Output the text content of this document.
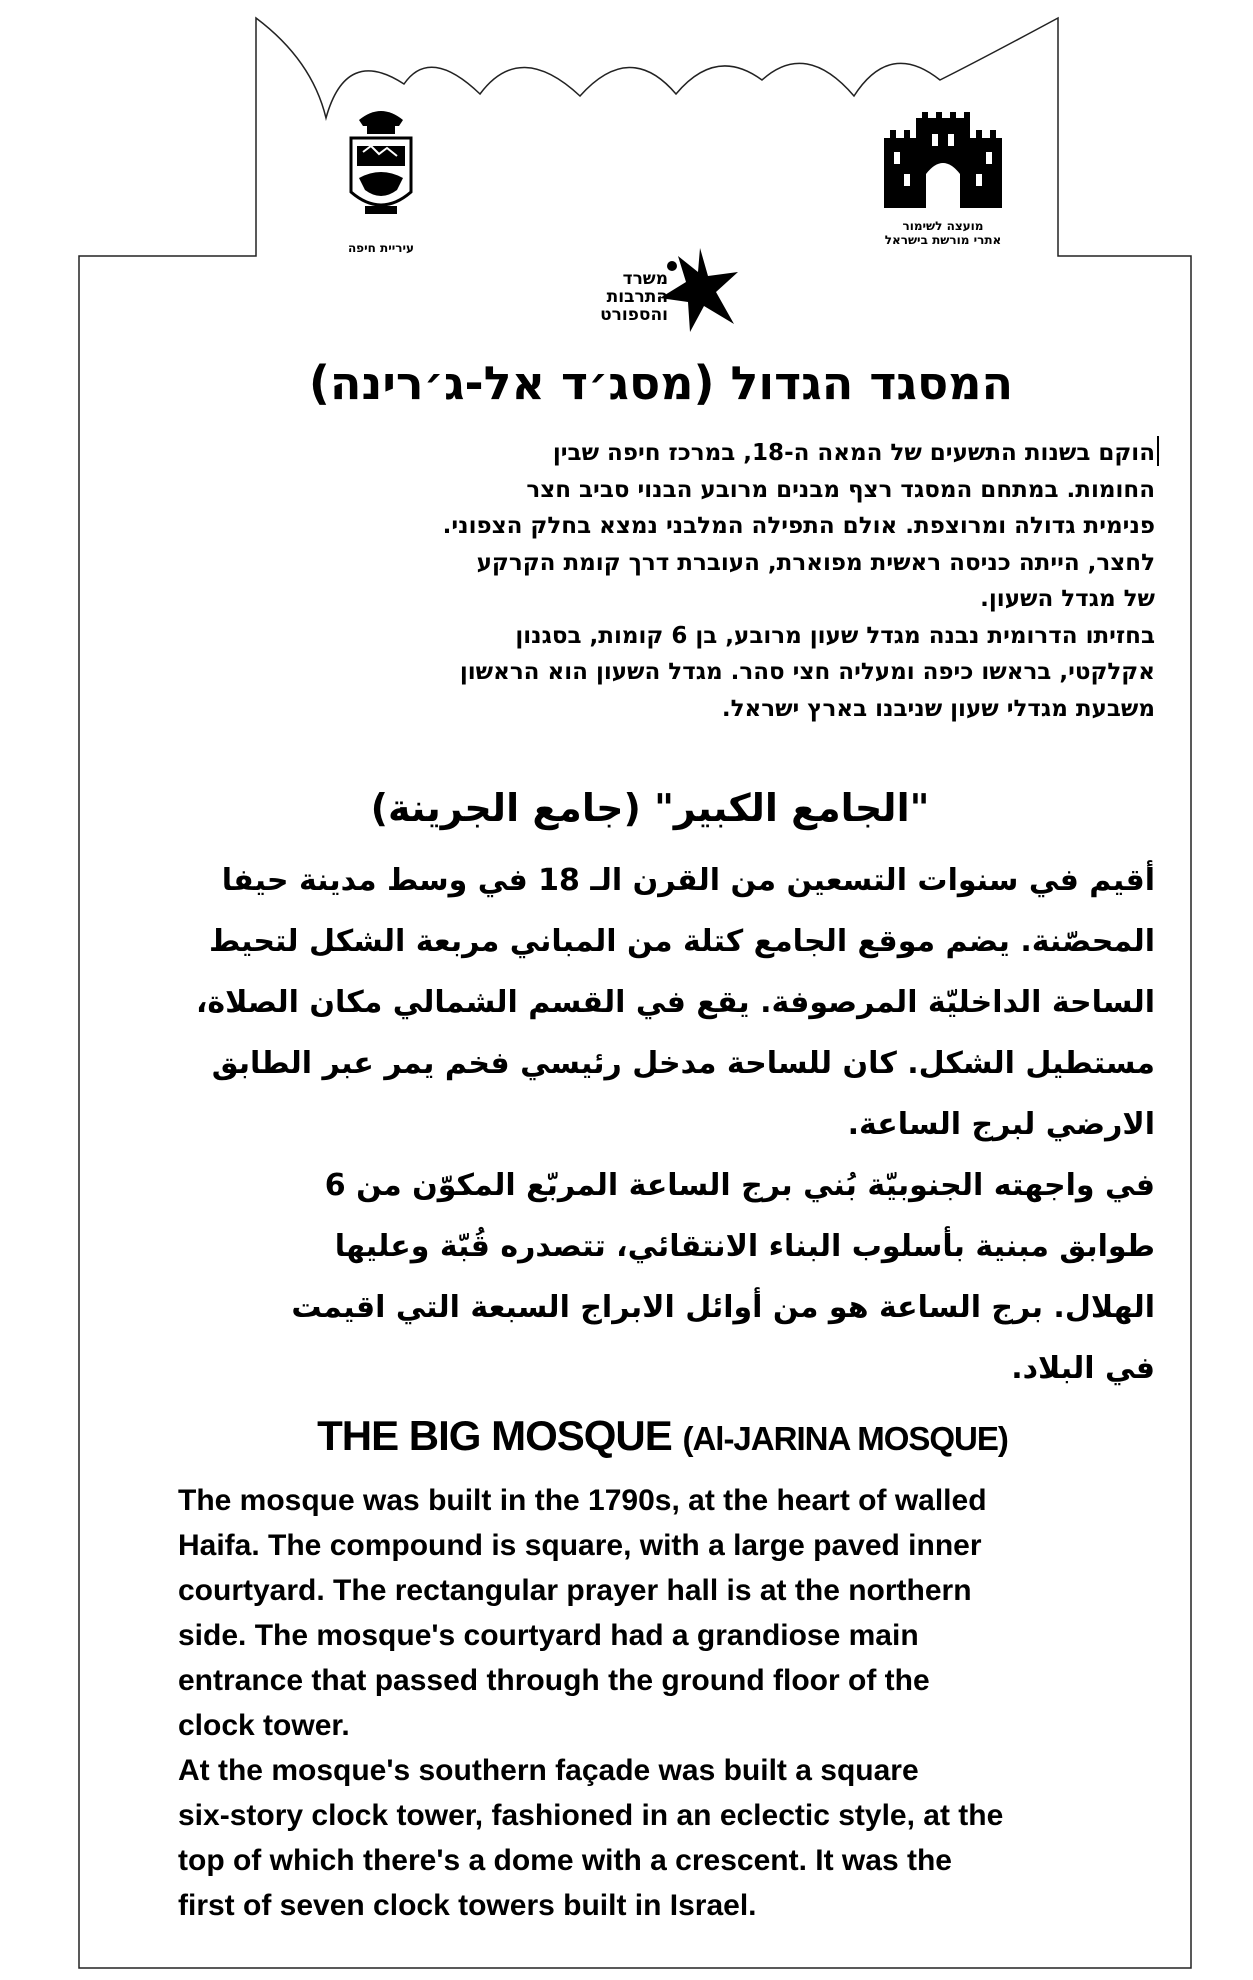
עיריית חיפה
מועצה לשימור
אתרי מורשת בישראל
משרד
התרבות
והספורט
המסגד הגדול (מסג׳ד אל-ג׳רינה)
הוקם בשנות התשעים של המאה ה-18, במרכז חיפה שבין
החומות. במתחם המסגד רצף מבנים מרובע הבנוי סביב חצר
פנימית גדולה ומרוצפת. אולם התפילה המלבני נמצא בחלק הצפוני.
לחצר, הייתה כניסה ראשית מפוארת, העוברת דרך קומת הקרקע
של מגדל השעון.
בחזיתו הדרומית נבנה מגדל שעון מרובע, בן 6 קומות, בסגנון
אקלקטי, בראשו כיפה ומעליה חצי סהר. מגדל השעון הוא הראשון
משבעת מגדלי שעון שניבנו בארץ ישראל.
"الجامع الكبير" (جامع الجرينة)
أقيم في سنوات التسعين من القرن الـ 18 في وسط مدينة حيفا
المحصّنة. يضم موقع الجامع كتلة من المباني مربعة الشكل لتحيط
الساحة الداخليّة المرصوفة. يقع في القسم الشمالي مكان الصلاة،
مستطيل الشكل. كان للساحة مدخل رئيسي فخم يمر عبر الطابق
الارضي لبرج الساعة.
في واجهته الجنوبيّة بُني برج الساعة المربّع المكوّن من 6
طوابق مبنية بأسلوب البناء الانتقائي، تتصدره قُبّة وعليها
الهلال. برج الساعة هو من أوائل الابراج السبعة التي اقيمت
في البلاد.
THE BIG MOSQUE (Al-JARINA MOSQUE)
The mosque was built in the 1790s, at the heart of walled
Haifa. The compound is square, with a large paved inner
courtyard. The rectangular prayer hall is at the northern
side. The mosque's courtyard had a grandiose main
entrance that passed through the ground floor of the
clock tower.
At the mosque's southern façade was built a square
six-story clock tower, fashioned in an eclectic style, at the
top of which there's a dome with a crescent. It was the
first of seven clock towers built in Israel.
